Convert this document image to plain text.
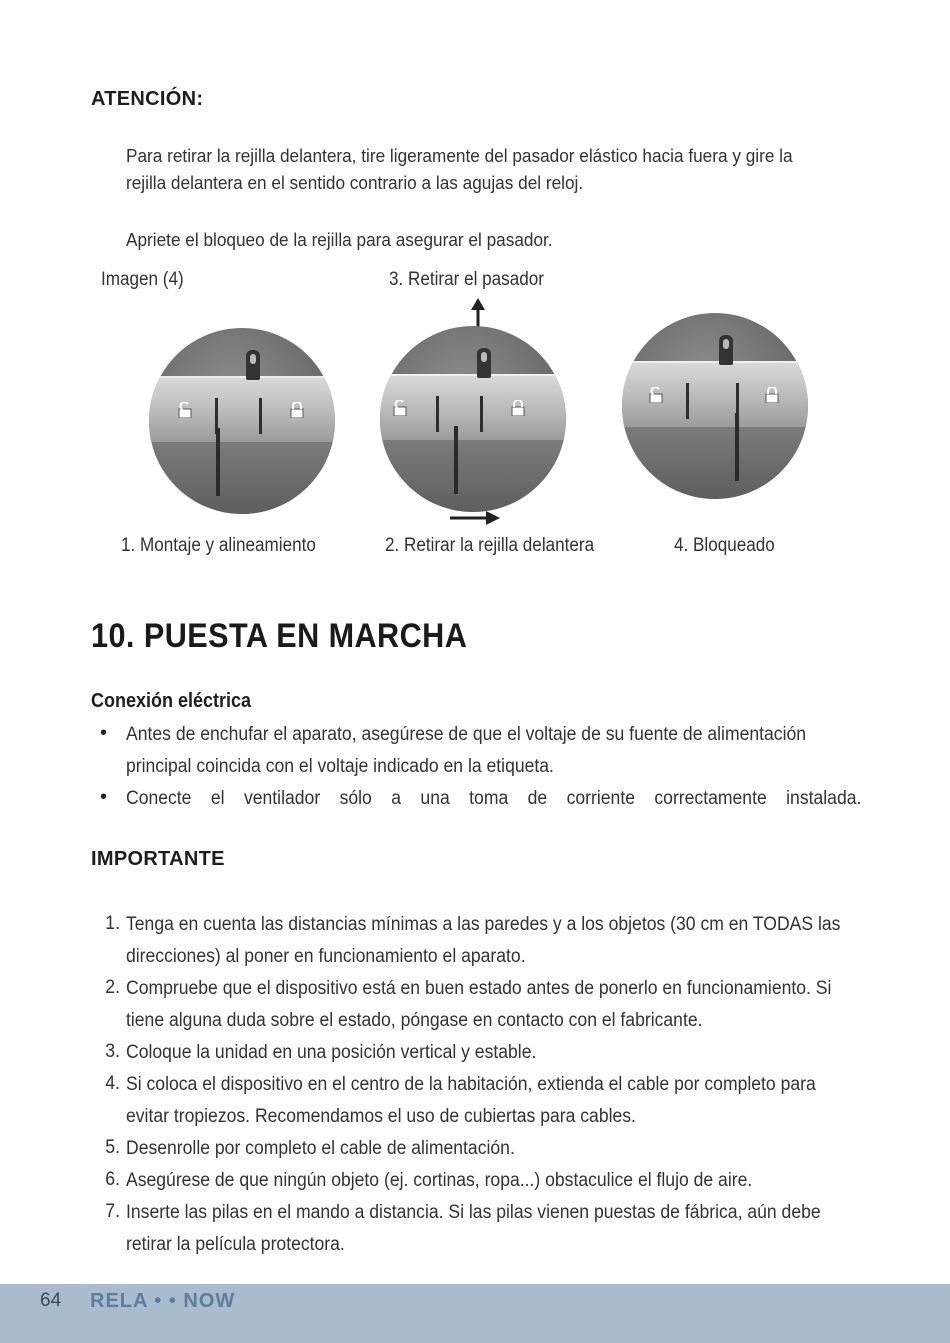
ATENCIÓN:
Para retirar la rejilla delantera, tire ligeramente del pasador elástico hacia fuera y gire la
rejilla delantera en el sentido contrario a las agujas del reloj.
Apriete el bloqueo de la rejilla para asegurar el pasador.
Imagen (4)	3. Retirar el pasador
1. Montaje y alineamiento	2. Retirar la rejilla delantera	4. Bloqueado
10. PUESTA EN MARCHA
Conexión eléctrica
• Antes de enchufar el aparato, asegúrese de que el voltaje de su fuente de alimentación
principal coincida con el voltaje indicado en la etiqueta.
• Conecte el ventilador sólo a una toma de corriente correctamente instalada.
IMPORTANTE
1. Tenga en cuenta las distancias mínimas a las paredes y a los objetos (30 cm en TODAS las
direcciones) al poner en funcionamiento el aparato.
2. Compruebe que el dispositivo está en buen estado antes de ponerlo en funcionamiento. Si
tiene alguna duda sobre el estado, póngase en contacto con el fabricante.
3. Coloque la unidad en una posición vertical y estable.
4. Si coloca el dispositivo en el centro de la habitación, extienda el cable por completo para
evitar tropiezos. Recomendamos el uso de cubiertas para cables.
5. Desenrolle por completo el cable de alimentación.
6. Asegúrese de que ningún objeto (ej. cortinas, ropa...) obstaculice el flujo de aire.
7. Inserte las pilas en el mando a distancia. Si las pilas vienen puestas de fábrica, aún debe
retirar la película protectora.
64 RELA • • NOW
